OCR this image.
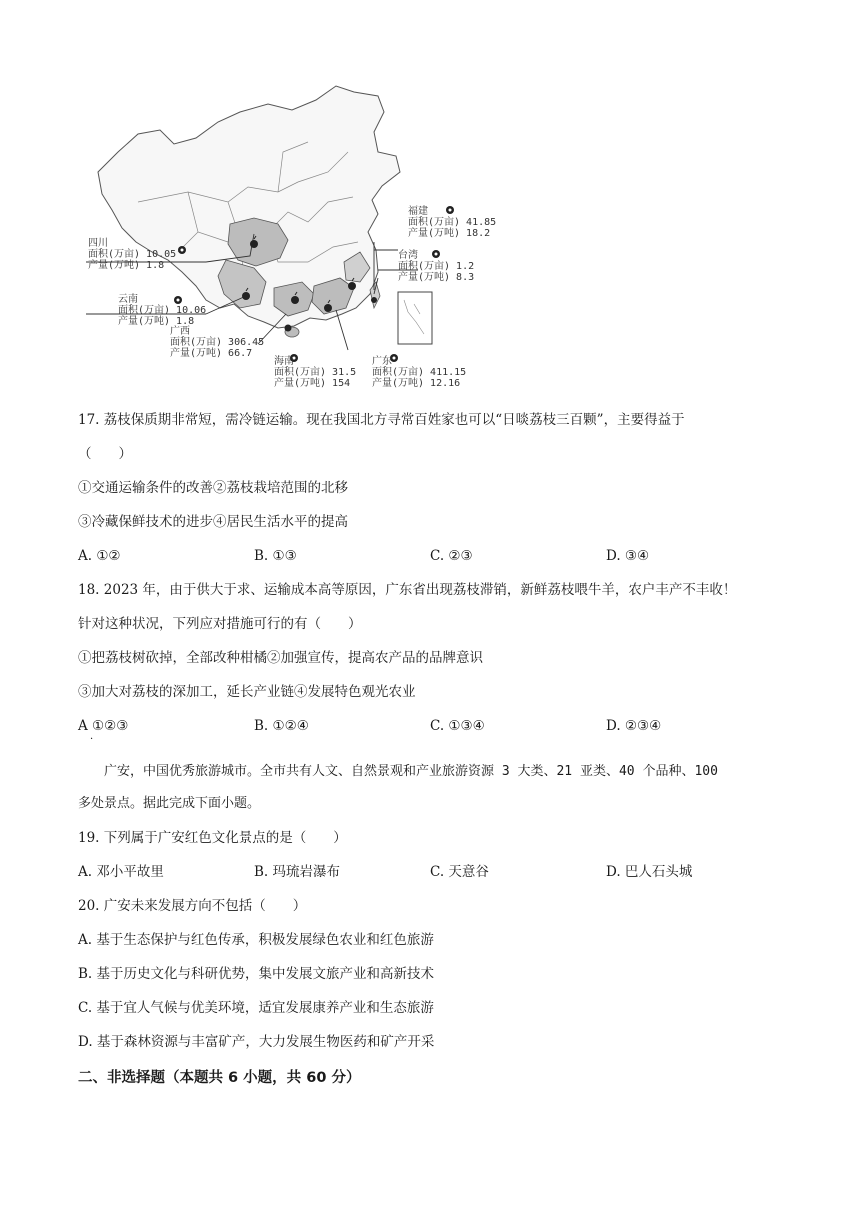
福建
面积(万亩) 41.85
产量(万吨) 18.2
台湾
面积(万亩) 1.2
产量(万吨) 8.3
四川
面积(万亩) 10.05
产量(万吨) 1.8
云南
面积(万亩) 10.06
产量(万吨) 1.8
广西
面积(万亩) 306.45
产量(万吨) 66.7
海南
面积(万亩) 31.5
产量(万吨) 154
广东
面积(万亩) 411.15
产量(万吨) 12.16
17. 荔枝保质期非常短，需冷链运输。现在我国北方寻常百姓家也可以“日啖荔枝三百颗”，主要得益于
（　　）
①交通运输条件的改善②荔枝栽培范围的北移
③冷藏保鲜技术的进步④居民生活水平的提高
A. ①②	B. ①③	C. ②③	D. ③④
18. 2023 年，由于供大于求、运输成本高等原因，广东省出现荔枝滞销，新鲜荔枝喂牛羊，农户丰产不丰收！
针对这种状况，下列应对措施可行的有（　　）
①把荔枝树砍掉，全部改种柑橘②加强宣传，提高农产品的品牌意识
③加大对荔枝的深加工，延长产业链④发展特色观光农业
A ①②③
·
B. ①②④	C. ①③④	D. ②③④
　　广安，中国优秀旅游城市。全市共有人文、自然景观和产业旅游资源 3 大类、21 亚类、40 个品种、100
多处景点。据此完成下面小题。
19. 下列属于广安红色文化景点的是（　　）
A. 邓小平故里	B. 玛琉岩瀑布	C. 天意谷	D. 巴人石头城
20. 广安未来发展方向不包括（　　）
A. 基于生态保护与红色传承，积极发展绿色农业和红色旅游
B. 基于历史文化与科研优势，集中发展文旅产业和高新技术
C. 基于宜人气候与优美环境，适宜发展康养产业和生态旅游
D. 基于森林资源与丰富矿产，大力发展生物医药和矿产开采
二、非选择题（本题共 6 小题，共 60 分）
